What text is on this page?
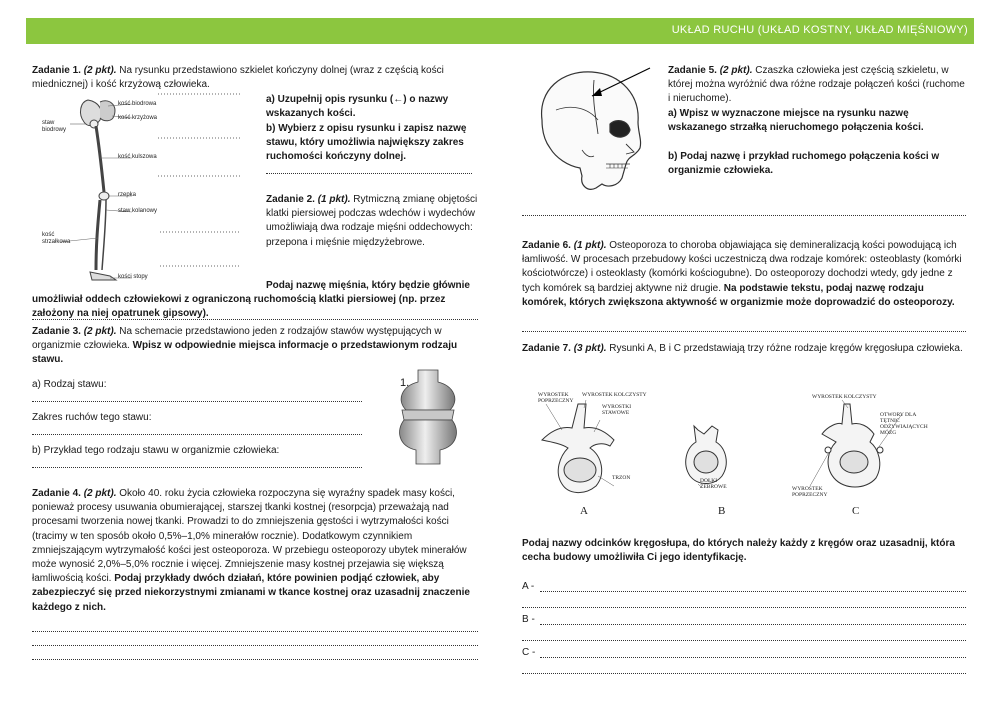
UKŁAD RUCHU (UKŁAD KOSTNY, UKŁAD MIĘŚNIOWY)

Zadanie 1. (2 pkt). Na rysunku przedstawiono szkielet kończyny dolnej (wraz z częścią kości miednicznej) i kość krzyżową człowieka.

kość biodrowa
kość krzyżowa
staw biodrowy
kość kulszowa
rzepka
staw kolanowy
kość strzałkowa
kości stopy
a) Uzupełnij opis rysunku (←) o nazwy wskazanych kości.
b) Wybierz z opisu rysunku i zapisz nazwę stawu, który umożliwia największy zakres ruchomości kończyny dolnej.

Zadanie 2. (1 pkt). Rytmiczną zmianę objętości klatki piersiowej podczas wdechów i wydechów umożliwiają dwa rodzaje mięśni oddechowych: przepona i mięśnie międzyżebrowe.

Podaj nazwę mięśnia, który będzie głównie umożliwiał oddech człowiekowi z ograniczoną ruchomością klatki piersiowej (np. przez założony na niej opatrunek gipsowy).

Zadanie 3. (2 pkt). Na schemacie przedstawiono jeden z rodzajów stawów występujących w organizmie człowieka. Wpisz w odpowiednie miejsca informacje o przedstawionym rodzaju stawu.

a) Rodzaj stawu:
Zakres ruchów tego stawu:
b) Przykład tego rodzaju stawu w organizmie człowieka:
1.

Zadanie 4. (2 pkt). Około 40. roku życia człowieka rozpoczyna się wyraźny spadek masy kości, ponieważ procesy usuwania obumierającej, starszej tkanki kostnej (resorpcja) przeważają nad procesami tworzenia nowej tkanki. Prowadzi to do zmniejszenia gęstości i wytrzymałości kości (tracimy w ten sposób około 0,5%–1,0% minerałów rocznie). Dodatkowym czynnikiem zmniejszającym wytrzymałość kości jest osteoporoza. W przebiegu osteoporozy ubytek minerałów może wynosić 2,0%–5,0% rocznie i więcej. Zmniejszenie masy kostnej przejawia się większą łamliwością kości. Podaj przykłady dwóch działań, które powinien podjąć człowiek, aby zabezpieczyć się przed niekorzystnymi zmianami w tkance kostnej oraz uzasadnij znaczenie każdego z nich.

Zadanie 5. (2 pkt). Czaszka człowieka jest częścią szkieletu, w której można wyróżnić dwa różne rodzaje połączeń kości (ruchome i nieruchome).

a) Wpisz w wyznaczone miejsce na rysunku nazwę wskazanego strzałką nieruchomego połączenia kości.
b) Podaj nazwę i przykład ruchomego połączenia kości w organizmie człowieka.

Zadanie 6. (1 pkt). Osteoporoza to choroba objawiająca się demineralizacją kości powodującą ich łamliwość. W procesach przebudowy kości uczestniczą dwa rodzaje komórek: osteoblasty (komórki kościotwórcze) i osteoklasty (komórki kościogubne). Do osteoporozy dochodzi wtedy, gdy jedne z tych komórek są bardziej aktywne niż drugie. Na podstawie tekstu, podaj nazwę rodzaju komórek, których zwiększona aktywność w organizmie może doprowadzić do osteoporozy.

Zadanie 7. (3 pkt). Rysunki A, B i C przedstawiają trzy różne rodzaje kręgów kręgosłupa człowieka.

WYROSTEK POPRZECZNY
WYROSTEK KOLCZYSTY
WYROSTKI STAWOWE
TRZON	DOŁKI ŻEBROWE
WYROSTEK KOLCZYSTY
OTWORY DLA TĘTNIC ODŻYWIAJĄCYCH MÓZG
WYROSTEK POPRZECZNY
A	B	C
Podaj nazwy odcinków kręgosłupa, do których należy każdy z kręgów oraz uzasadnij, która cecha budowy umożliwiła Ci jego identyfikację.
A -
B -
C -
